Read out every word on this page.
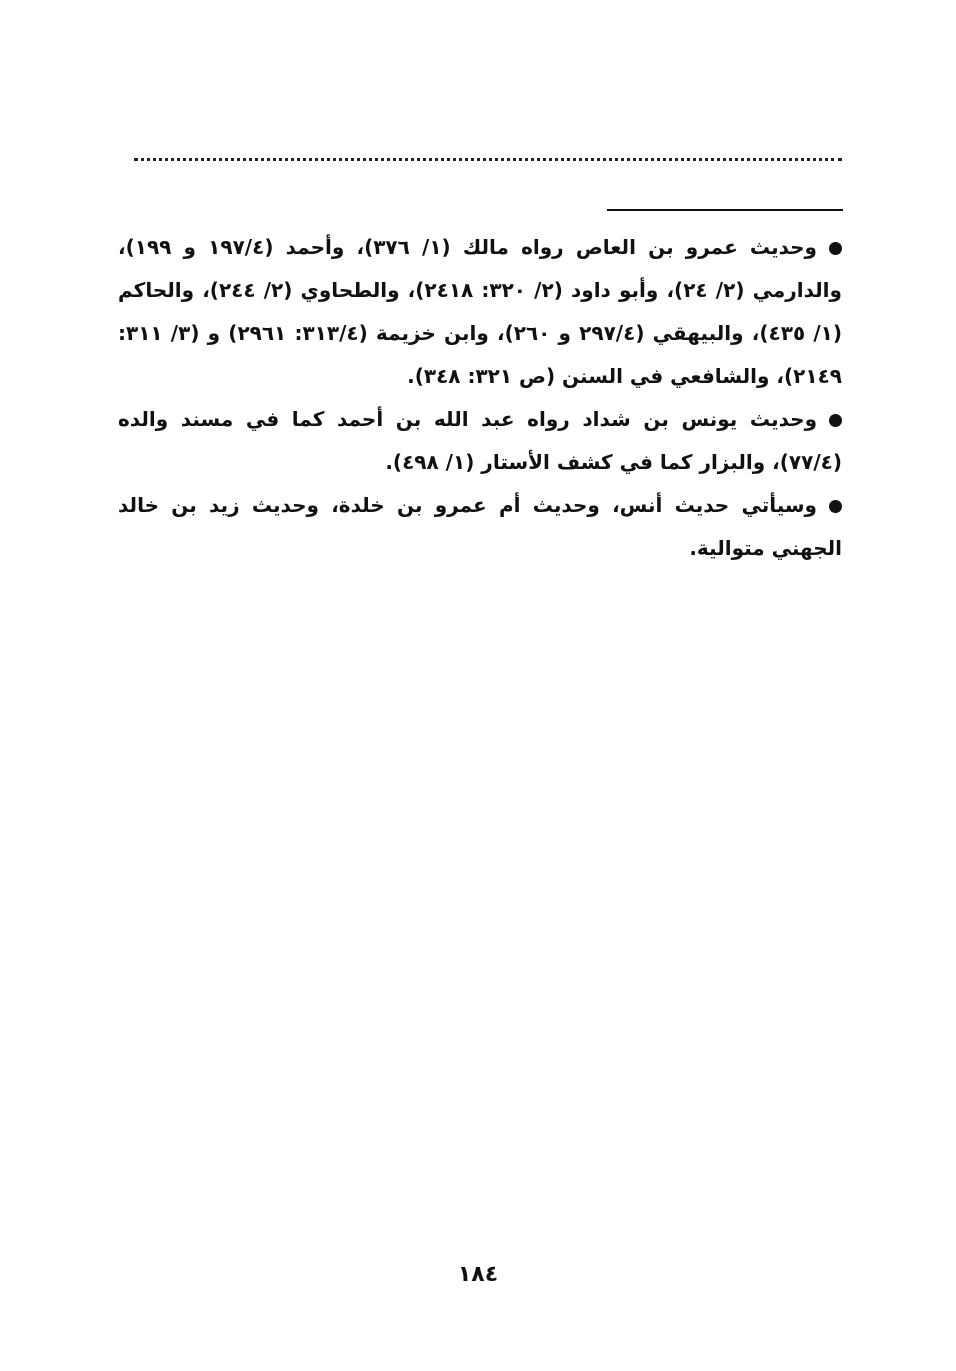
وحديث عمرو بن العاص رواه مالك (١/ ٣٧٦)، وأحمد (١٩٧/٤ و ١٩٩)، والدارمي (٢/ ٢٤)، وأبو داود (٢/ ٣٢٠: ٢٤١٨)، والطحاوي (٢/ ٢٤٤)، والحاكم (١/ ٤٣٥)، والبيهقي (٢٩٧/٤ و ٢٦٠)، وابن خزيمة (٣١٣/٤: ٢٩٦١) و (٣/ ٣١١: ٢١٤٩)، والشافعي في السنن (ص ٣٢١: ٣٤٨).

وحديث يونس بن شداد رواه عبد الله بن أحمد كما في مسند والده (٧٧/٤)، والبزار كما في كشف الأستار (١/ ٤٩٨).

وسيأتي حديث أنس، وحديث أم عمرو بن خلدة، وحديث زيد بن خالد الجهني متوالية.

١٨٤
